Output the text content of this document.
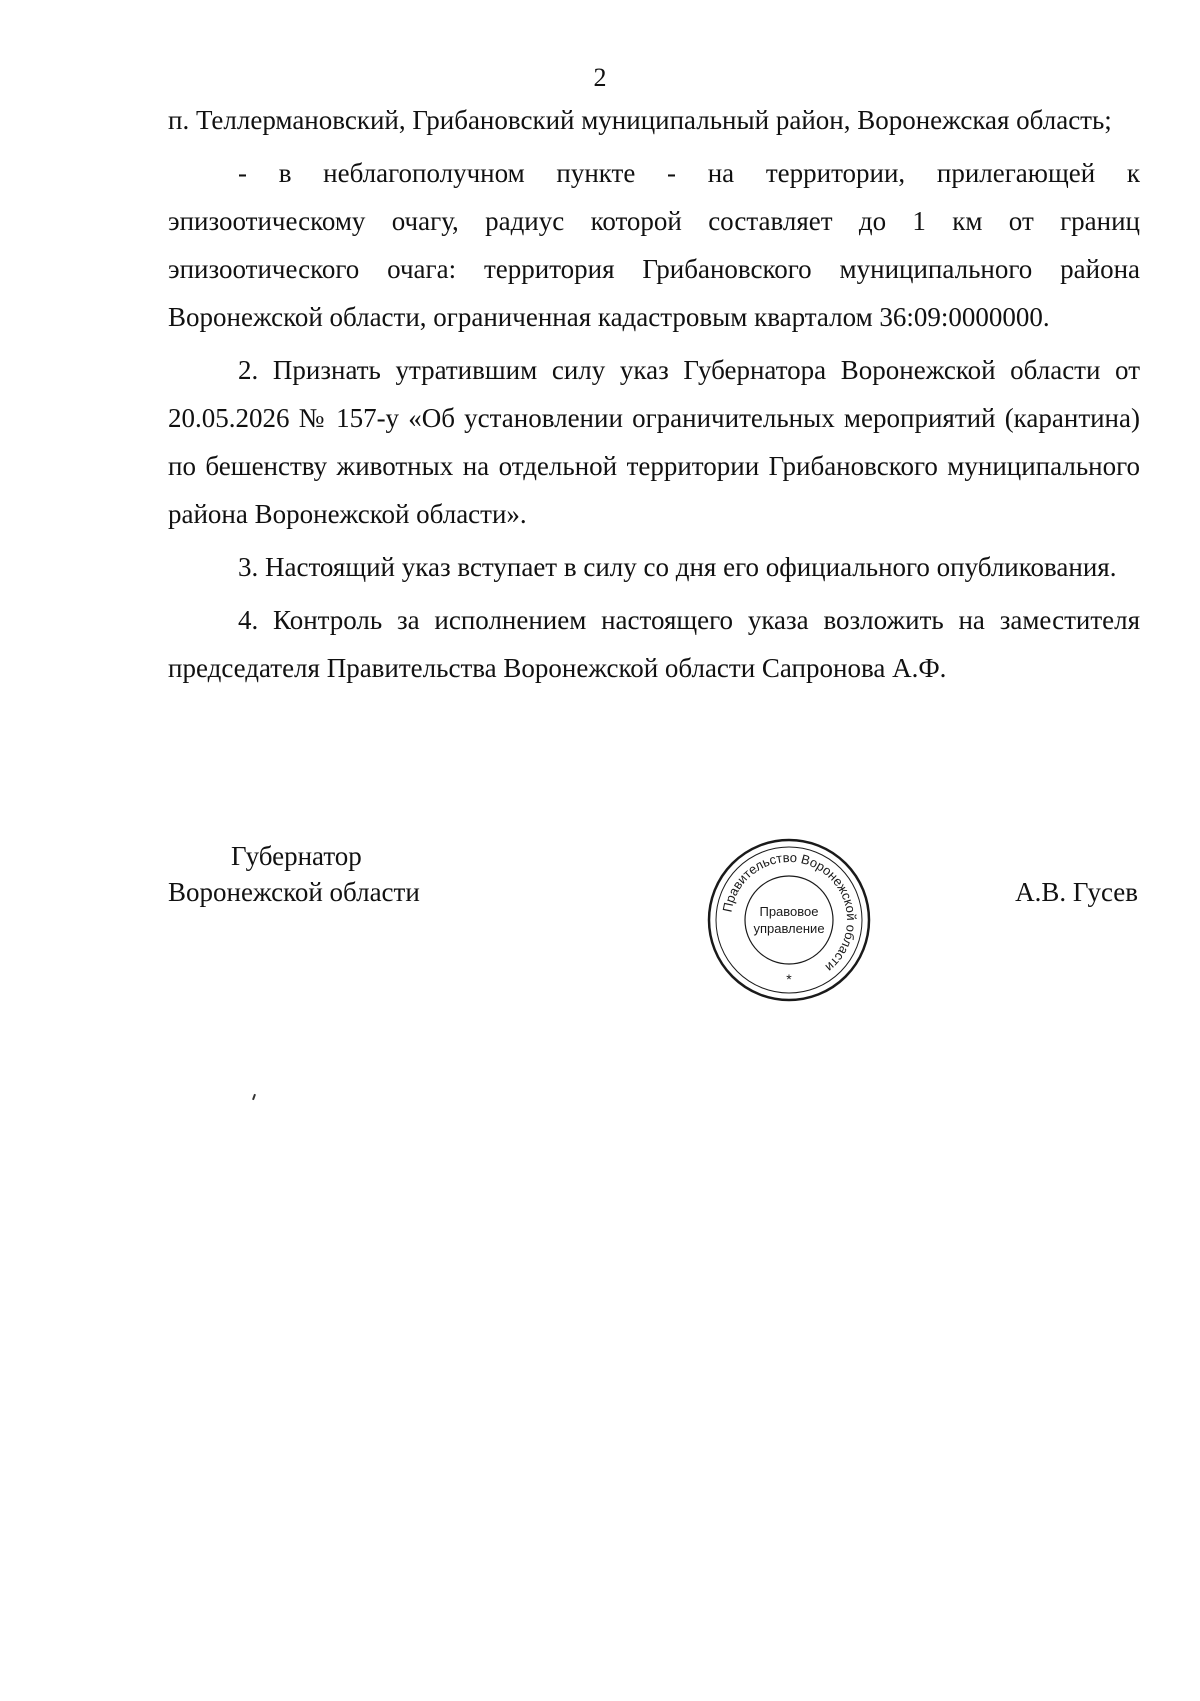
2

п. Теллермановский, Грибановский муниципальный район, Воронежская область;

- в неблагополучном пункте - на территории, прилегающей к эпизоотическому очагу, радиус которой составляет до 1 км от границ эпизоотического очага: территория Грибановского муниципального района Воронежской области, ограниченная кадастровым кварталом 36:09:0000000.

2. Признать утратившим силу указ Губернатора Воронежской области от 20.05.2026 № 157-у «Об установлении ограничительных мероприятий (карантина) по бешенству животных на отдельной территории Грибановского муниципального района Воронежской области».

3. Настоящий указ вступает в силу со дня его официального опубликования.

4. Контроль за исполнением настоящего указа возложить на заместителя председателя Правительства Воронежской области Сапронова А.Ф.

Губернатор
Воронежской области
Правительство Воронежской области
Правовое
управление
*
А.В. Гусев
